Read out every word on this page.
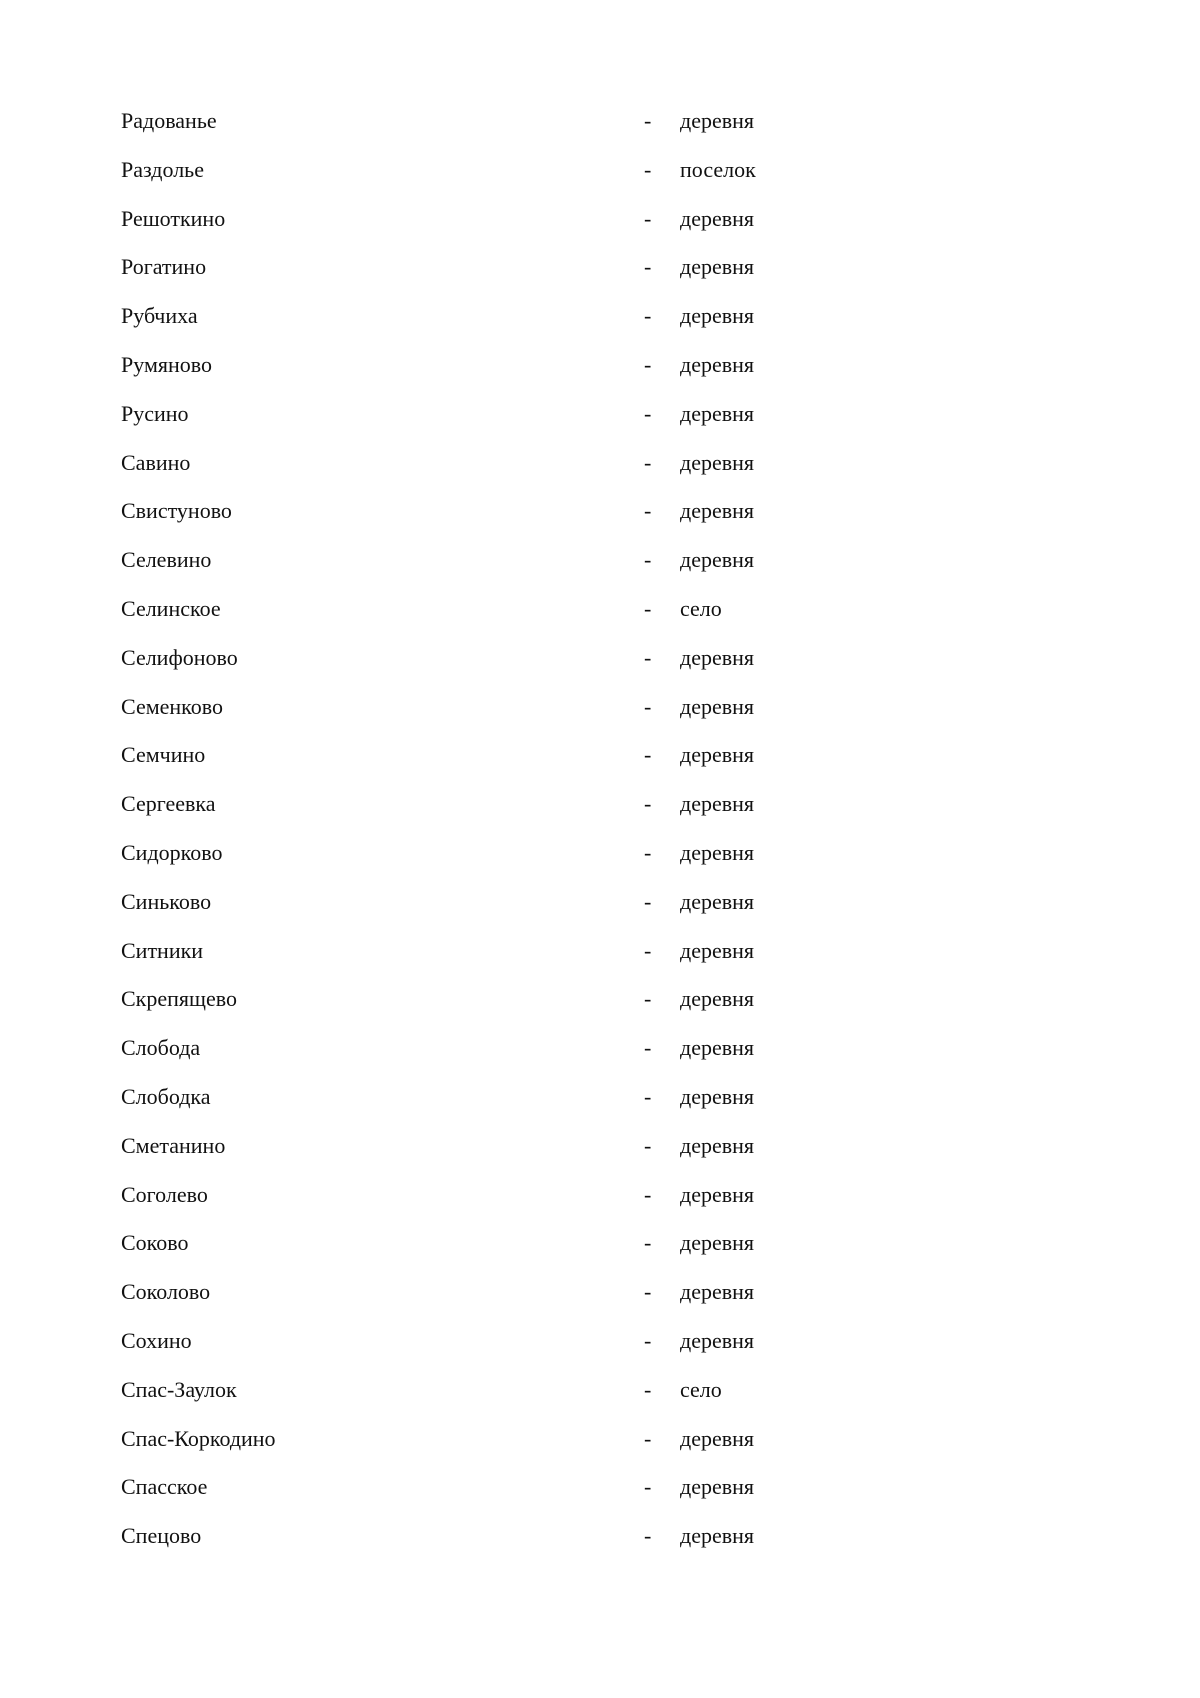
Радованье	- деревня
Раздолье	- поселок
Решоткино	- деревня
Рогатино	- деревня
Рубчиха	- деревня
Румяново	- деревня
Русино	- деревня
Савино	- деревня
Свистуново	- деревня
Селевино	- деревня
Селинское	- село
Селифоново	- деревня
Семенково	- деревня
Семчино	- деревня
Сергеевка	- деревня
Сидорково	- деревня
Синьково	- деревня
Ситники	- деревня
Скрепящево	- деревня
Слобода	- деревня
Слободка	- деревня
Сметанино	- деревня
Соголево	- деревня
Соково	- деревня
Соколово	- деревня
Сохино	- деревня
Спас-Заулок	- село
Спас-Коркодино	- деревня
Спасское	- деревня
Спецово	- деревня
